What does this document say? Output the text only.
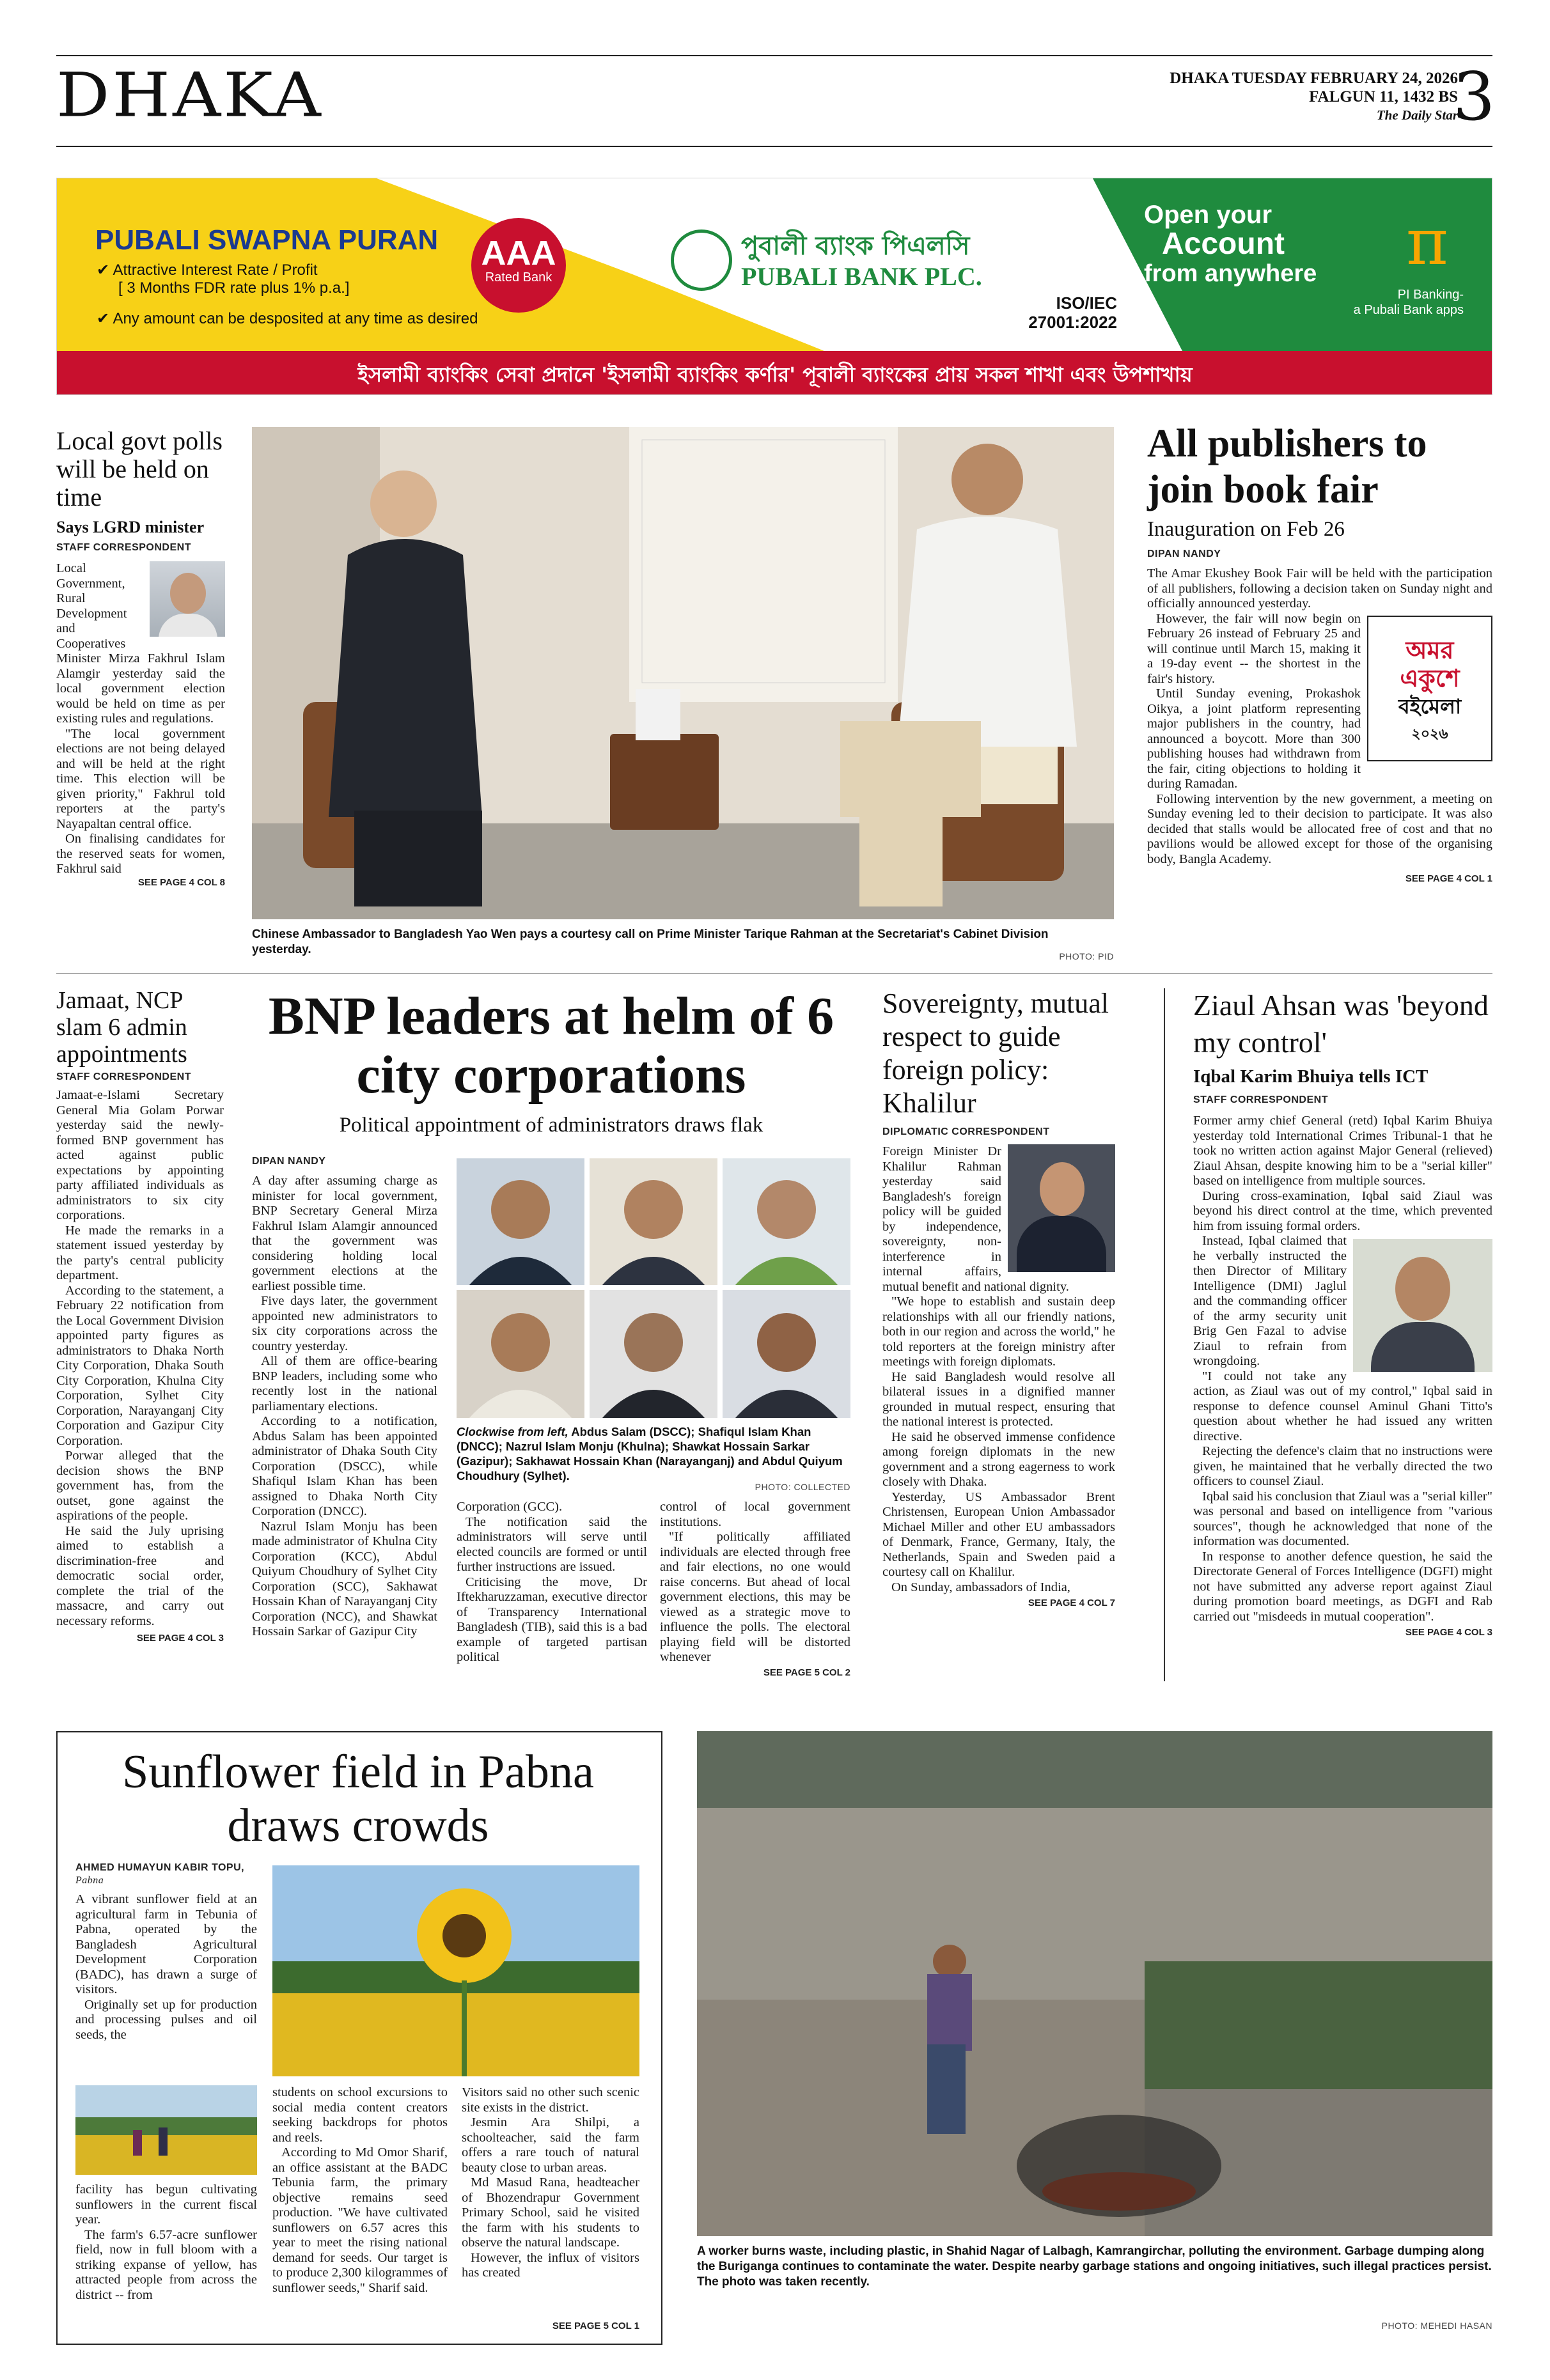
DHAKA	DHAKA TUESDAY FEBRUARY 24, 2026
FALGUN 11, 1432 BS
The Daily Star
3
PUBALI SWAPNA PURAN
✔ Attractive Interest Rate / Profit
[ 3 Months FDR rate plus 1% p.a.]
✔ Any amount can be desposited at any time as desired
AAA
Rated Bank
পুবালী ব্যাংক পিএলসি
PUBALI BANK PLC.
ISO/IEC
27001:2022
Open your
Account
from anywhere π
PI Banking-
a Pubali Bank apps
ইসলামী ব্যাংকিং সেবা প্রদানে 'ইসলামী ব্যাংকিং কর্ণার' পূবালী ব্যাংকের প্রায় সকল শাখা এবং উপশাখায়
Local govt polls will be held on time
Says LGRD minister
STAFF CORRESPONDENT

Local Government, Rural Development and Cooperatives Minister Mirza Fakhrul Islam Alamgir yesterday said the local government election would be held on time as per existing rules and regulations.

"The local government elections are not being delayed and will be held at the right time. This election will be given priority," Fakhrul told reporters at the party's Nayapaltan central office.

On finalising candidates for the reserved seats for women, Fakhrul said

SEE PAGE 4 COL 8
Chinese Ambassador to Bangladesh Yao Wen pays a courtesy call on Prime Minister Tarique Rahman at the Secretariat's Cabinet Division yesterday.	PHOTO: PID
All publishers to join book fair
Inauguration on Feb 26
DIPAN NANDY

The Amar Ekushey Book Fair will be held with the participation of all publishers, following a decision taken on Sunday night and officially announced yesterday.

অমর
একুশে
বইমেলা
২০২৬

However, the fair will now begin on February 26 instead of February 25 and will continue until March 15, making it a 19-day event -- the shortest in the fair's history.

Until Sunday evening, Prokashok Oikya, a joint platform representing major publishers in the country, had announced a boycott. More than 300 publishing houses had withdrawn from the fair, citing objections to holding it during Ramadan.

Following intervention by the new government, a meeting on Sunday evening led to their decision to participate. It was also decided that stalls would be allocated free of cost and that no pavilions would be allowed except for those of the organising body, Bangla Academy.

SEE PAGE 4 COL 1
Jamaat, NCP slam 6 admin appointments
STAFF CORRESPONDENT

Jamaat-e-Islami Secretary General Mia Golam Porwar yesterday said the newly-formed BNP government has acted against public expectations by appointing party affiliated individuals as administrators to six city corporations.

He made the remarks in a statement issued yesterday by the party's central publicity department.

According to the statement, a February 22 notification from the Local Government Division appointed party figures as administrators to Dhaka North City Corporation, Dhaka South City Corporation, Khulna City Corporation, Sylhet City Corporation, Narayanganj City Corporation and Gazipur City Corporation.

Porwar alleged that the decision shows the BNP government has, from the outset, gone against the aspirations of the people.

He said the July uprising aimed to establish a discrimination-free and democratic social order, complete the trial of the massacre, and carry out necessary reforms.

SEE PAGE 4 COL 3
BNP leaders at helm of 6 city corporations
Political appointment of administrators draws flak
DIPAN NANDY

A day after assuming charge as minister for local government, BNP Secretary General Mirza Fakhrul Islam Alamgir announced that the government was considering holding local government elections at the earliest possible time.

Five days later, the government appointed new administrators to six city corporations across the country yesterday.

All of them are office-bearing BNP leaders, including some who recently lost in the national parliamentary elections.

According to a notification, Abdus Salam has been appointed administrator of Dhaka South City Corporation (DSCC), while Shafiqul Islam Khan has been assigned to Dhaka North City Corporation (DNCC).

Nazrul Islam Monju has been made administrator of Khulna City Corporation (KCC), Abdul Quiyum Choudhury of Sylhet City Corporation (SCC), Sakhawat Hossain Khan of Narayanganj City Corporation (NCC), and Shawkat Hossain Sarkar of Gazipur City

Clockwise from left, Abdus Salam (DSCC); Shafiqul Islam Khan (DNCC); Nazrul Islam Monju (Khulna); Shawkat Hossain Sarkar (Gazipur); Sakhawat Hossain Khan (Narayanganj) and Abdul Quiyum Choudhury (Sylhet).
PHOTO: COLLECTED

Corporation (GCC).

The notification said the administrators will serve until elected councils are formed or until further instructions are issued.

Criticising the move, Dr Iftekharuzzaman, executive director of Transparency International Bangladesh (TIB), said this is a bad example of targeted partisan political

control of local government institutions.

"If politically affiliated individuals are elected through free and fair elections, no one would raise concerns. But ahead of local government elections, this may be viewed as a strategic move to influence the polls. The electoral playing field will be distorted whenever

SEE PAGE 5 COL 2
Sovereignty, mutual respect to guide foreign policy: Khalilur
DIPLOMATIC CORRESPONDENT

Foreign Minister Dr Khalilur Rahman yesterday said Bangladesh's foreign policy will be guided by independence, sovereignty, non-interference in internal affairs, mutual benefit and national dignity.

"We hope to establish and sustain deep relationships with all our friendly nations, both in our region and across the world," he told reporters at the foreign ministry after meetings with foreign diplomats.

He said Bangladesh would resolve all bilateral issues in a dignified manner grounded in mutual respect, ensuring that the national interest is protected.

He said he observed immense confidence among foreign diplomats in the new government and a strong eagerness to work closely with Dhaka.

Yesterday, US Ambassador Brent Christensen, European Union Ambassador Michael Miller and other EU ambassadors of Denmark, France, Germany, Italy, the Netherlands, Spain and Sweden paid a courtesy call on Khalilur.

On Sunday, ambassadors of India,

SEE PAGE 4 COL 7
Ziaul Ahsan was 'beyond my control'
Iqbal Karim Bhuiya tells ICT
STAFF CORRESPONDENT

Former army chief General (retd) Iqbal Karim Bhuiya yesterday told International Crimes Tribunal-1 that he took no written action against Major General (relieved) Ziaul Ahsan, despite knowing him to be a "serial killer" based on intelligence from multiple sources.

During cross-examination, Iqbal said Ziaul was beyond his direct control at the time, which prevented him from issuing formal orders.

Instead, Iqbal claimed that he verbally instructed the then Director of Military Intelligence (DMI) Jaglul and the commanding officer of the army security unit Brig Gen Fazal to advise Ziaul to refrain from wrongdoing.

"I could not take any action, as Ziaul was out of my control," Iqbal said in response to defence counsel Aminul Ghani Titto's question about whether he had issued any written directive.

Rejecting the defence's claim that no instructions were given, he maintained that he verbally directed the two officers to counsel Ziaul.

Iqbal said his conclusion that Ziaul was a "serial killer" was personal and based on intelligence from "various sources", though he acknowledged that none of the information was documented.

In response to another defence question, he said the Directorate General of Forces Intelligence (DGFI) might not have submitted any adverse report against Ziaul during promotion board meetings, as DGFI and Rab carried out "misdeeds in mutual cooperation".

SEE PAGE 4 COL 3
Sunflower field in Pabna draws crowds
AHMED HUMAYUN KABIR TOPU, Pabna

A vibrant sunflower field at an agricultural farm in Tebunia of Pabna, operated by the Bangladesh Agricultural Development Corporation (BADC), has drawn a surge of visitors.

Originally set up for production and processing pulses and oil seeds, the

facility has begun cultivating sunflowers in the current fiscal year.

The farm's 6.57-acre sunflower field, now in full bloom with a striking expanse of yellow, has attracted people from across the district -- from

students on school excursions to social media content creators seeking backdrops for photos and reels.

According to Md Omor Sharif, an office assistant at the BADC Tebunia farm, the primary objective remains seed production. "We have cultivated sunflowers on 6.57 acres this year to meet the rising national demand for seeds. Our target is to produce 2,300 kilogrammes of sunflower seeds," Sharif said.

Visitors said no other such scenic site exists in the district.

Jesmin Ara Shilpi, a schoolteacher, said the farm offers a rare touch of natural beauty close to urban areas.

Md Masud Rana, headteacher of Bhozendrapur Government Primary School, said he visited the farm with his students to observe the natural landscape.

However, the influx of visitors has created

SEE PAGE 5 COL 1
A worker burns waste, including plastic, in Shahid Nagar of Lalbagh, Kamrangirchar, polluting the environment. Garbage dumping along the Buriganga continues to contaminate the water. Despite nearby garbage stations and ongoing initiatives, such illegal practices persist. The photo was taken recently.
PHOTO: MEHEDI HASAN
